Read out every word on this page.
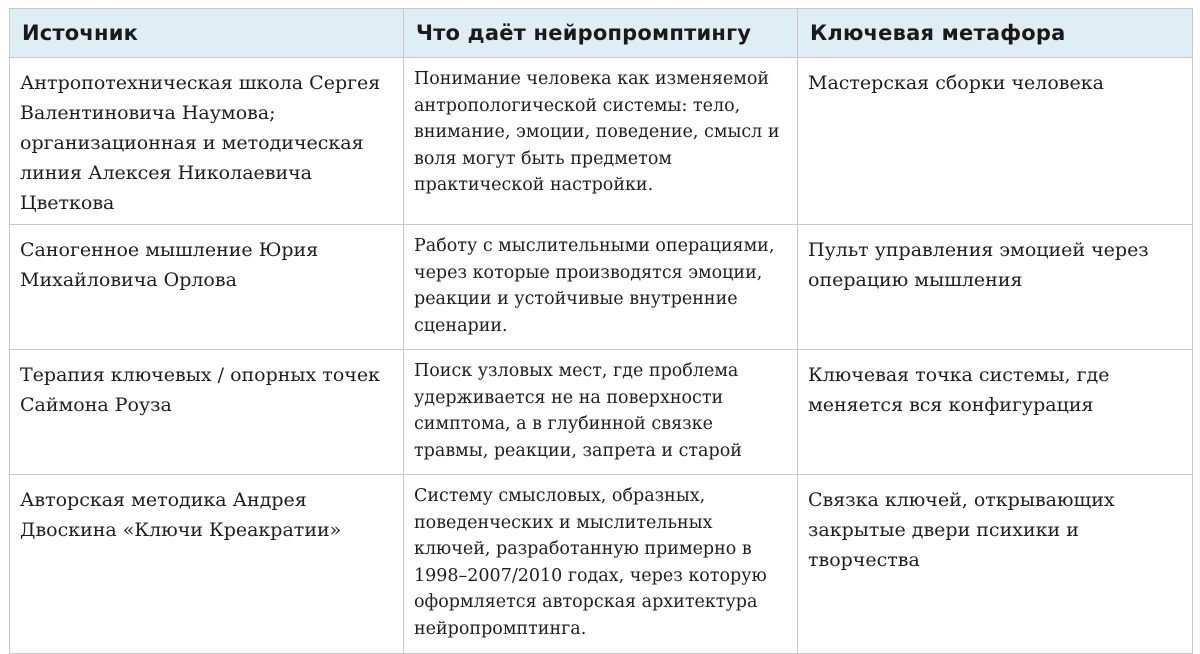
Источник	Что даёт нейропромптингу	Ключевая метафора
Антропотехническая школа Сергея Валентиновича Наумова; организационная и методическая линия Алексея Николаевича Цветкова	Понимание человека как изменяемой антропологической системы: тело, внимание, эмоции, поведение, смысл и воля могут быть предметом практической настройки.	Мастерская сборки человека
Саногенное мышление Юрия Михайловича Орлова	Работу с мыслительными операциями, через которые производятся эмоции, реакции и устойчивые внутренние сценарии.	Пульт управления эмоцией через операцию мышления
Терапия ключевых / опорных точек Саймона Роуза	Поиск узловых мест, где проблема удерживается не на поверхности симптома, а в глубинной связке травмы, реакции, запрета и старой	Ключевая точка системы, где меняется вся конфигурация
Авторская методика Андрея Двоскина «Ключи Креакратии»	Систему смысловых, образных, поведенческих и мыслительных ключей, разработанную примерно в 1998–2007/2010 годах, через которую оформляется авторская архитектура нейропромптинга.	Связка ключей, открывающих закрытые двери психики и творчества
